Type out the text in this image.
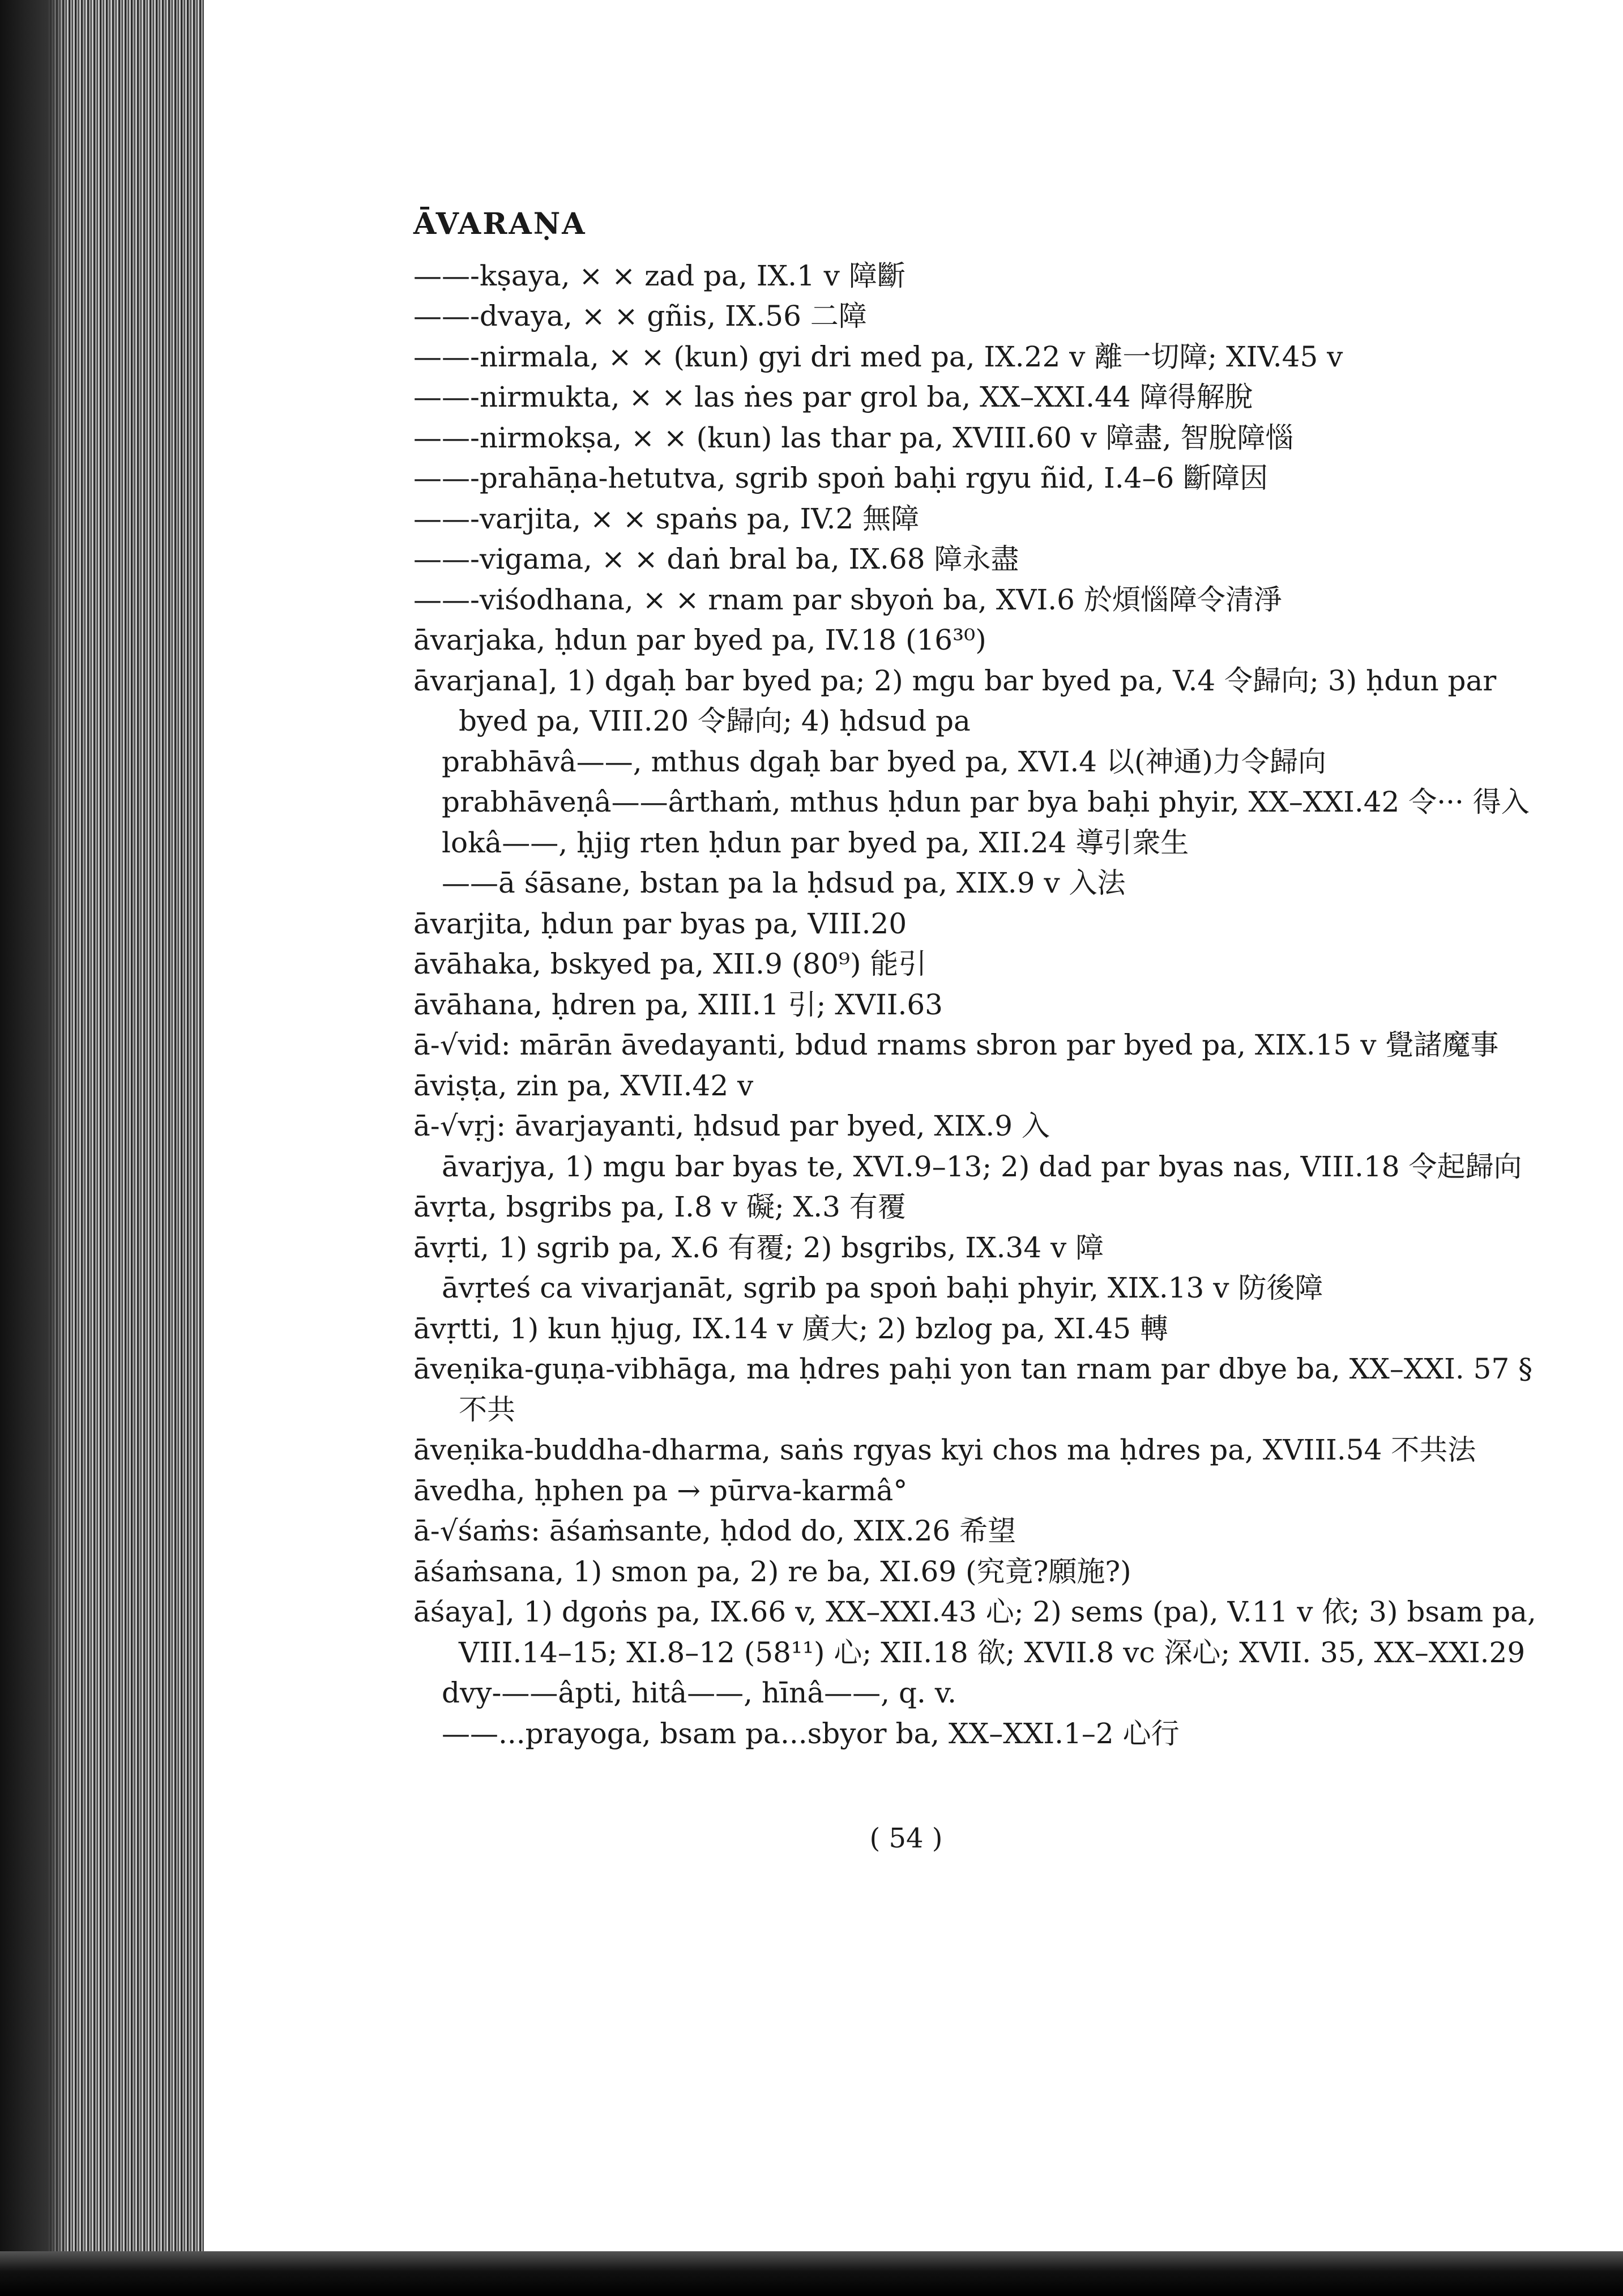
ĀVARAṆA
——-kṣaya, × × zad pa, IX.1 v 障斷
——-dvaya, × × gñis, IX.56 二障
——-nirmala, × × (kun) gyi dri med pa, IX.22 v 離一切障; XIV.45 v
——-nirmukta, × × las ṅes par grol ba, XX–XXI.44 障得解脫
——-nirmokṣa, × × (kun) las thar pa, XVIII.60 v 障盡, 智脫障惱
——-prahāṇa-hetutva, sgrib spoṅ baḥi rgyu ñid, I.4–6 斷障因
——-varjita, × × spaṅs pa, IV.2 無障
——-vigama, × × daṅ bral ba, IX.68 障永盡
——-viśodhana, × × rnam par sbyoṅ ba, XVI.6 於煩惱障令清淨
āvarjaka, ḥdun par byed pa, IV.18 (16³⁰)
āvarjana], 1) dgaḥ bar byed pa; 2) mgu bar byed pa, V.4 令歸向; 3) ḥdun par byed pa, VIII.20 令歸向; 4) ḥdsud pa
prabhāvâ——, mthus dgaḥ bar byed pa, XVI.4 以(神通)力令歸向
prabhāveṇâ——ârthaṁ, mthus ḥdun par bya baḥi phyir, XX–XXI.42 令··· 得入
lokâ——, ḥjig rten ḥdun par byed pa, XII.24 導引衆生
——ā śāsane, bstan pa la ḥdsud pa, XIX.9 v 入法
āvarjita, ḥdun par byas pa, VIII.20
āvāhaka, bskyed pa, XII.9 (80⁹) 能引
āvāhana, ḥdren pa, XIII.1 引; XVII.63
ā-√vid: mārān āvedayanti, bdud rnams sbron par byed pa, XIX.15 v 覺諸魔事
āviṣṭa, zin pa, XVII.42 v
ā-√vṛj: āvarjayanti, ḥdsud par byed, XIX.9 入
āvarjya, 1) mgu bar byas te, XVI.9–13; 2) dad par byas nas, VIII.18 令起歸向
āvṛta, bsgribs pa, I.8 v 礙; X.3 有覆
āvṛti, 1) sgrib pa, X.6 有覆; 2) bsgribs, IX.34 v 障
āvṛteś ca vivarjanāt, sgrib pa spoṅ baḥi phyir, XIX.13 v 防後障
āvṛtti, 1) kun ḥjug, IX.14 v 廣大; 2) bzlog pa, XI.45 轉
āveṇika-guṇa-vibhāga, ma ḥdres paḥi yon tan rnam par dbye ba, XX–XXI. 57 § 不共
āveṇika-buddha-dharma, saṅs rgyas kyi chos ma ḥdres pa, XVIII.54 不共法
āvedha, ḥphen pa → pūrva-karmâ°
ā-√śaṁs: āśaṁsante, ḥdod do, XIX.26 希望
āśaṁsana, 1) smon pa, 2) re ba, XI.69 (究竟?願施?)
āśaya], 1) dgoṅs pa, IX.66 v, XX–XXI.43 心; 2) sems (pa), V.11 v 依; 3) bsam pa, VIII.14–15; XI.8–12 (58¹¹) 心; XII.18 欲; XVII.8 vc 深心; XVII. 35, XX–XXI.29
dvy-——âpti, hitâ——, hīnâ——, q. v.
——...prayoga, bsam pa...sbyor ba, XX–XXI.1–2 心行
( 54 )
